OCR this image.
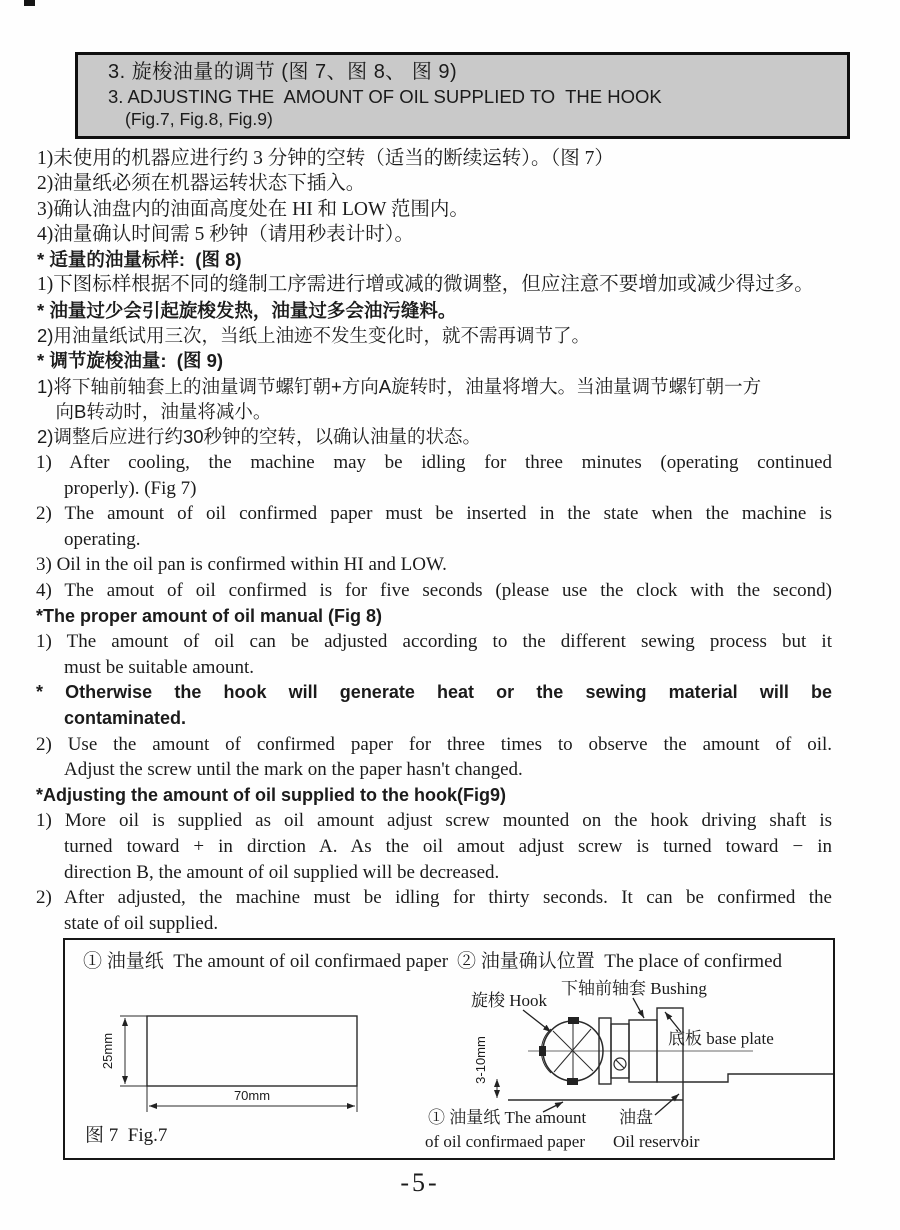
3. 旋梭油量的调节 (图 7、图 8、 图 9)
3. ADJUSTING THE  AMOUNT OF OIL SUPPLIED TO  THE HOOK
(Fig.7, Fig.8, Fig.9)

1)未使用的机器应进行约 3 分钟的空转（适当的断续运转）。（图 7）

2)油量纸必须在机器运转状态下插入。

3)确认油盘内的油面高度处在 HI 和 LOW 范围内。

4)油量确认时间需 5 秒钟（请用秒表计时）。

* 适量的油量标样:  (图 8)

1)下图标样根据不同的缝制工序需进行增或减的微调整，但应注意不要增加或减少得过多。

* 油量过少会引起旋梭发热，油量过多会油污缝料。

2)用油量纸试用三次，当纸上油迹不发生变化时，就不需再调节了。

* 调节旋梭油量:  (图 9)

1)将下轴前轴套上的油量调节螺钉朝+方向A旋转时，油量将增大。当油量调节螺钉朝一方

　向B转动时，油量将减小。

2)调整后应进行约30秒钟的空转，以确认油量的状态。

1) After cooling, the machine may be idling for three minutes (operating continued

properly). (Fig 7)

2) The amount of oil confirmed paper must be inserted in the state when the machine is

operating.

3) Oil in the oil pan is confirmed within HI and LOW.

4) The amout of oil confirmed is for five seconds (please use the clock with the second)

*The proper amount of oil manual (Fig 8)

1) The amount of oil can be adjusted according to the different sewing process but it

must be suitable amount.

* Otherwise the hook will generate heat or the sewing material will be

contaminated.

2) Use the amount of confirmed paper for three times to observe the amount of oil.

Adjust the screw until the mark on the paper hasn't changed.

*Adjusting the amount of oil supplied to the hook(Fig9)

1) More oil is supplied as oil amount adjust screw mounted on the hook driving shaft is

turned toward + in dirction A. As the oil amout adjust screw is turned toward − in

direction B, the amount of oil supplied will be decreased.

2) After adjusted, the machine must be idling for thirty seconds. It can be confirmed the

state of oil supplied.

① 油量纸  The amount of oil confirmaed paper ② 油量确认位置  The place of confirmed
25mm
70mm
图 7  Fig.7
旋梭 Hook
下轴前轴套 Bushing
底板 base plate
3-10mm
① 油量纸 The amount
of oil confirmaed paper
油盘
Oil reservoir
-5-
